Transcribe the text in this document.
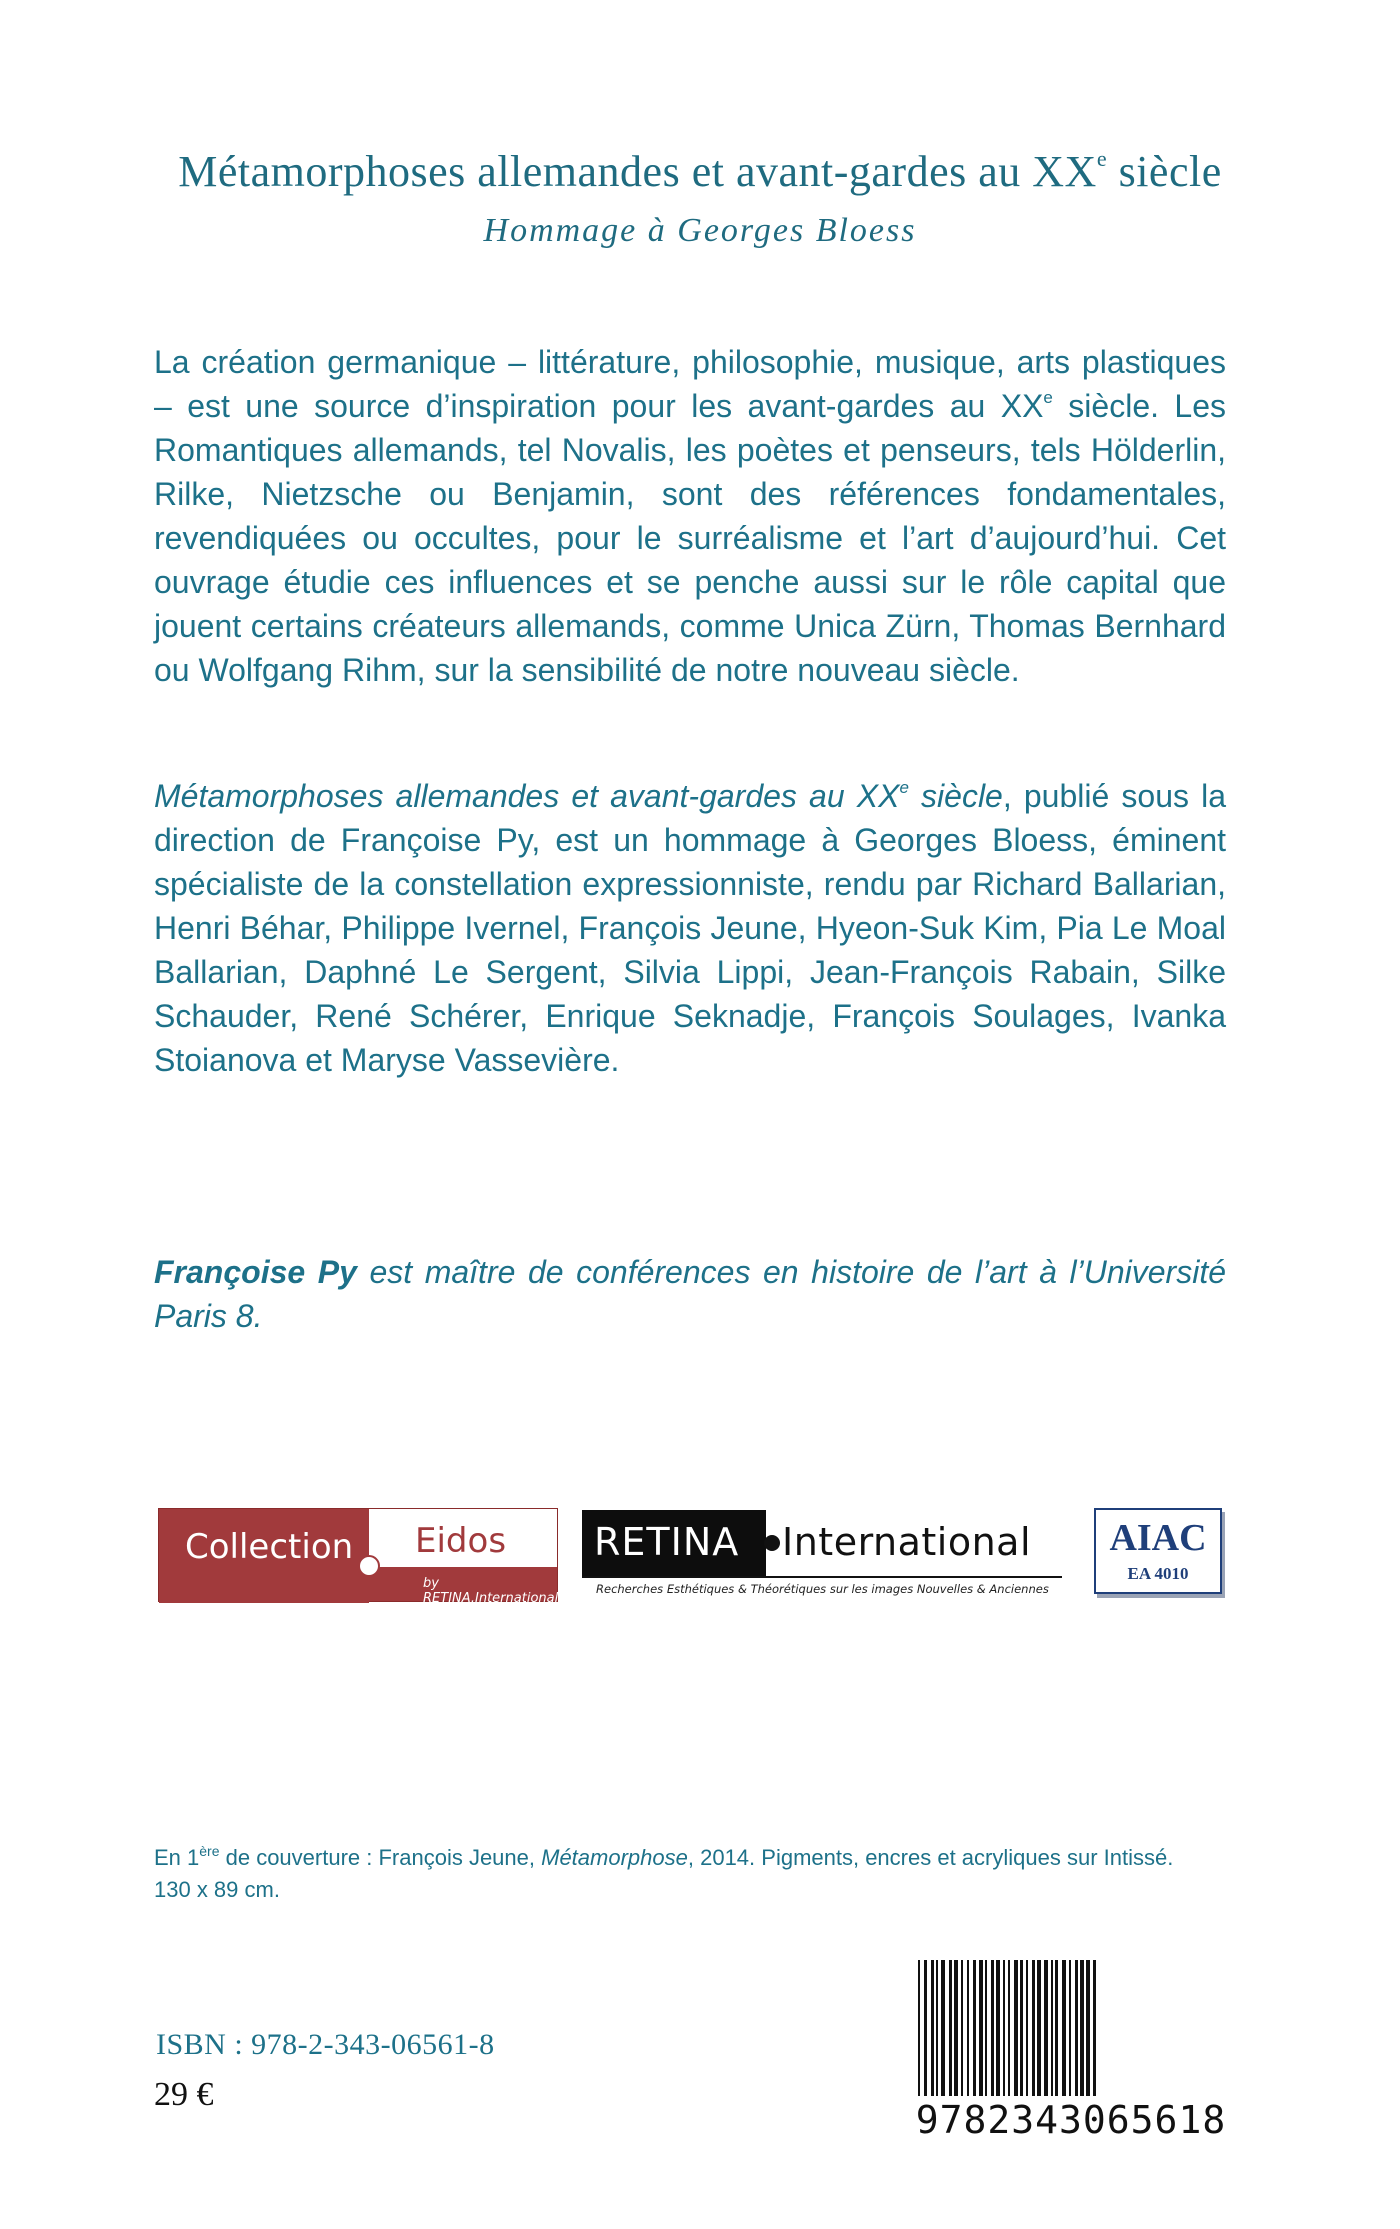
Métamorphoses allemandes et avant-gardes au XXe siècle
Hommage à Georges Bloess
La création germanique – littérature, philosophie, musique, arts plastiques – est une source d’inspiration pour les avant-gardes au XXe siècle. Les Romantiques allemands, tel Novalis, les poètes et penseurs, tels Hölderlin, Rilke, Nietzsche ou Benjamin, sont des références fondamentales, revendiquées ou occultes, pour le surréalisme et l’art d’aujourd’hui. Cet ouvrage étudie ces influences et se penche aussi sur le rôle capital que jouent certains créateurs allemands, comme Unica Zürn, Thomas Bernhard ou Wolfgang Rihm, sur la sensibilité de notre nouveau siècle.
Métamorphoses allemandes et avant-gardes au XXe siècle, publié sous la direction de Françoise Py, est un hommage à Georges Bloess, éminent spécialiste de la constellation expressionniste, rendu par Richard Ballarian, Henri Béhar, Philippe Ivernel, François Jeune, Hyeon-Suk Kim, Pia Le Moal Ballarian, Daphné Le Sergent, Silvia Lippi, Jean-François Rabain, Silke Schauder, René Schérer, Enrique Seknadje, François Soulages, Ivanka Stoianova et Maryse Vassevière.
Françoise Py est maître de conférences en histoire de l’art à l’Université Paris 8.
Collection Eidos
by RETINA.International
RETINA International
Recherches Esthétiques & Théorétiques sur les images Nouvelles & Anciennes
AIAC
EA 4010
En 1ère de couverture : François Jeune, Métamorphose, 2014. Pigments, encres et acryliques sur Intissé.
130 x 89 cm.
ISBN : 978-2-343-06561-8
29 €
9782343065618
